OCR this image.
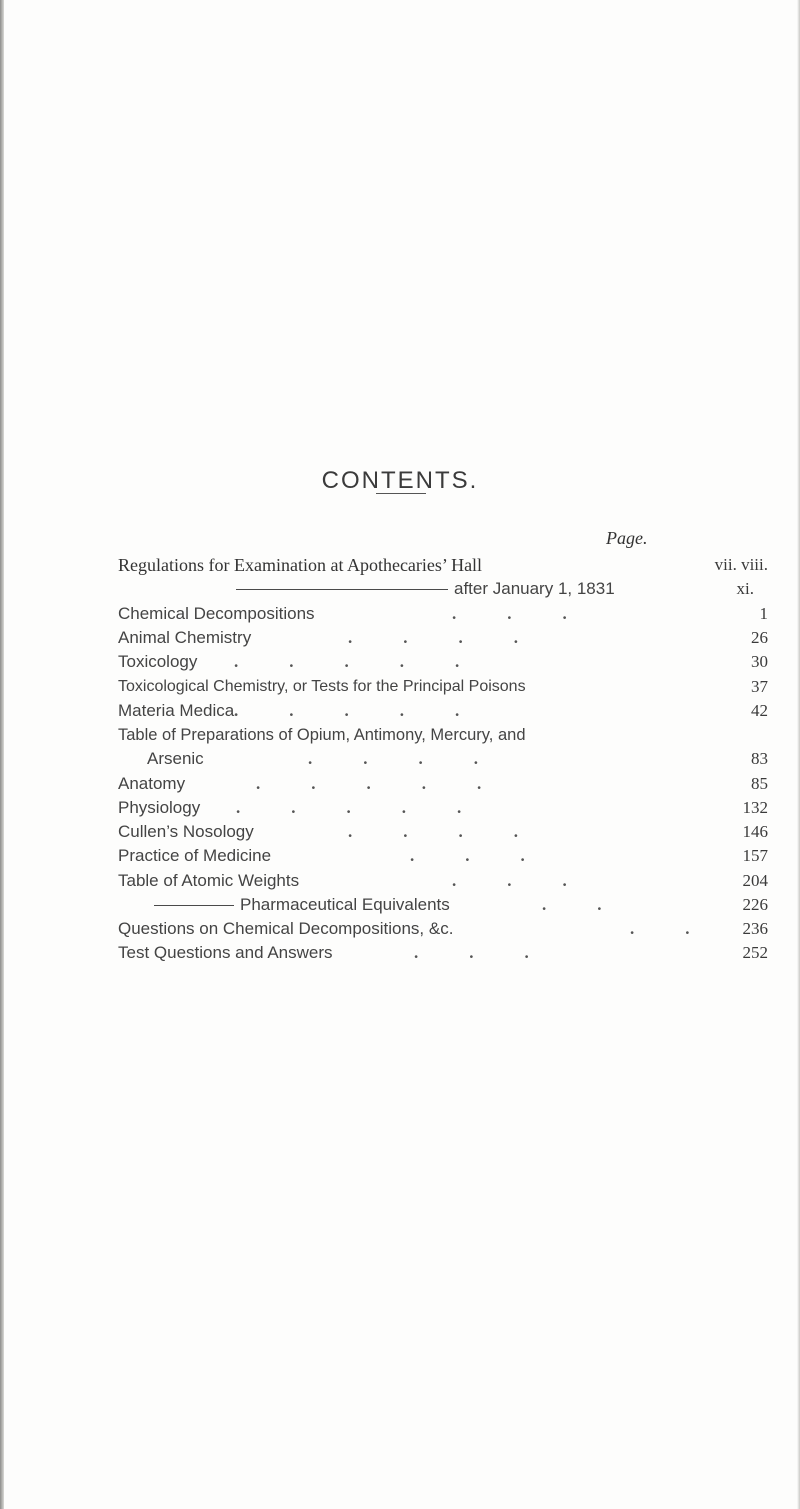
CONTENTS.
Page.
Regulations for Examination at Apothecaries’ Hall	vii. viii.
after January 1, 1831	xi.
Chemical Decompositions	.            .            .	1
Animal Chemistry	.            .            .            .	26
Toxicology .            .            .            .            .	30
Toxicological Chemistry, or Tests for the Principal Poisons	37
Materia Medica .            .            .            .            .	42
Table of Preparations of Opium, Antimony, Mercury, and
Arsenic	.            .            .            .	83
Anatomy	.            .            .            .            .	85
Physiology .            .            .            .            .	132
Cullen’s Nosology	.            .            .            .	146
Practice of Medicine	.            .            .	157
Table of Atomic Weights	.            .            .	204
Pharmaceutical Equivalents	.            .	226
Questions on Chemical Decompositions, &c.	.            .	236
Test Questions and Answers	.            .            .	252
